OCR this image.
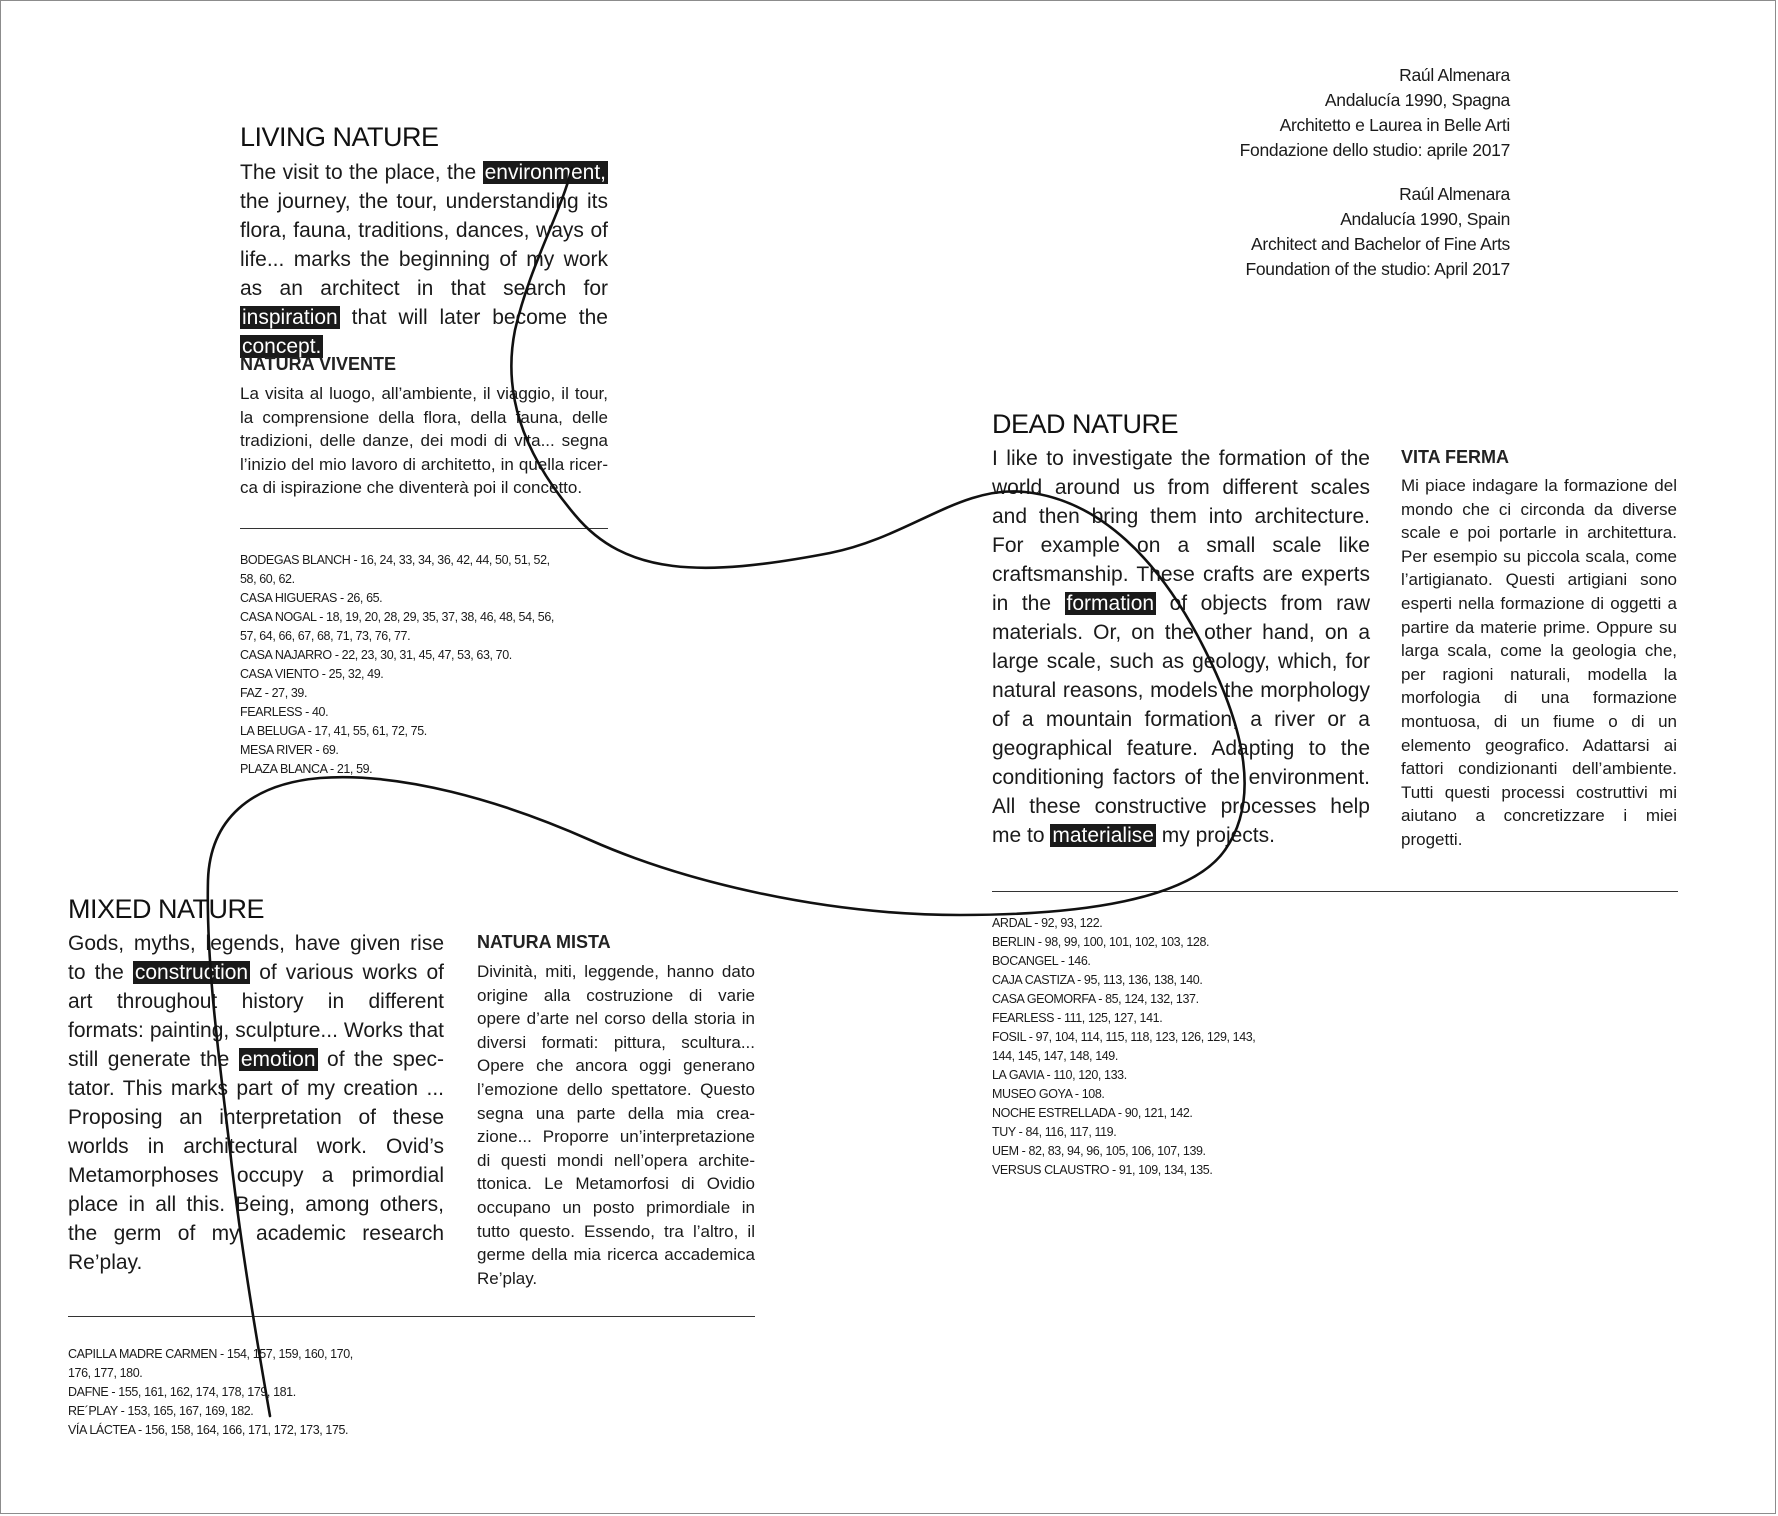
Raúl Almenara
Andalucía 1990, Spagna
Architetto e Laurea in Belle Arti
Fondazione dello studio: aprile 2017
Raúl Almenara
Andalucía 1990, Spain
Architect and Bachelor of Fine Arts
Foundation of the studio: April 2017
LIVING NATURE
The visit to the place, the environment, the journey, the tour, understanding its flora, fauna, traditions, dances, ways of life... marks the beginning of my work as an architect in that search for inspiration that will later become the concept.
NATURA VIVENTE
La visita al luogo, all’ambiente, il viaggio, il tour, la comprensione della flora, della fauna, delle tradizioni, delle danze, dei modi di vita... segna l’inizio del mio lavoro di architetto, in quella ricerca di ispirazione che diventerà poi il concetto.
BODEGAS BLANCH - 16, 24, 33, 34, 36, 42, 44, 50, 51, 52,
58, 60, 62.
CASA HIGUERAS - 26, 65.
CASA NOGAL - 18, 19, 20, 28, 29, 35, 37, 38, 46, 48, 54, 56,
57, 64, 66, 67, 68, 71, 73, 76, 77.
CASA NAJARRO - 22, 23, 30, 31, 45, 47, 53, 63, 70.
CASA VIENTO - 25, 32, 49.
FAZ - 27, 39.
FEARLESS - 40.
LA BELUGA - 17, 41, 55, 61, 72, 75.
MESA RIVER - 69.
PLAZA BLANCA - 21, 59.
DEAD NATURE
I like to investigate the formation of the world around us from different scales and then bring them into architecture. For example on a small scale like craftsmanship. These crafts are experts in the formation of objects from raw materials. Or, on the other hand, on a large scale, such as geology, which, for natural reasons, models the morphology of a mountain formation, a river or a geographical feature. Adapting to the conditioning factors of the environment. All these constructive processes help me to materialise my projects.
VITA FERMA
Mi piace indagare la formazione del mondo che ci circonda da diverse scale e poi portarle in architettura. Per esempio su piccola scala, come l’artigianato. Questi artigiani sono esperti nella formazione di oggetti a partire da materie prime. Oppure su larga scala, come la geologia che, per ragioni naturali, modella la morfologia di una formazione montuosa, di un fiume o di un elemento geografico. Adattarsi ai fattori condizionanti dell’ambiente. Tutti questi processi costruttivi mi aiutano a concretizzare i miei progetti.
ARDAL - 92, 93, 122.
BERLIN - 98, 99, 100, 101, 102, 103, 128.
BOCANGEL - 146.
CAJA CASTIZA - 95, 113, 136, 138, 140.
CASA GEOMORFA - 85, 124, 132, 137.
FEARLESS - 111, 125, 127, 141.
FOSIL - 97, 104, 114, 115, 118, 123, 126, 129, 143,
144, 145, 147, 148, 149.
LA GAVIA - 110, 120, 133.
MUSEO GOYA - 108.
NOCHE ESTRELLADA - 90, 121, 142.
TUY - 84, 116, 117, 119.
UEM - 82, 83, 94, 96, 105, 106, 107, 139.
VERSUS CLAUSTRO - 91, 109, 134, 135.
MIXED NATURE
Gods, myths, legends, have given rise to the construction of various works of art throughout history in different formats: painting, sculpture... Works that still generate the emotion of the spectator. This marks part of my creation ... Proposing an interpretation of these worlds in architectural work. Ovid’s Metamorphoses occupy a primordial place in all this. Being, among others, the germ of my academic research Re’play.
NATURA MISTA
Divinità, miti, leggende, hanno dato origine alla costruzione di varie opere d’arte nel corso della storia in diversi formati: pittura, scultura... Opere che ancora oggi generano l’emozione dello spettatore. Questo segna una parte della mia creazione... Proporre un’interpretazione di questi mondi nell’opera architettonica. Le Metamorfosi di Ovidio occupano un posto primordiale in tutto questo. Essendo, tra l’altro, il germe della mia ricerca accademica Re’play.
CAPILLA MADRE CARMEN - 154, 157, 159, 160, 170,
176, 177, 180.
DAFNE - 155, 161, 162, 174, 178, 179, 181.
RE´PLAY - 153, 165, 167, 169, 182.
VÍA LÁCTEA - 156, 158, 164, 166, 171, 172, 173, 175.
